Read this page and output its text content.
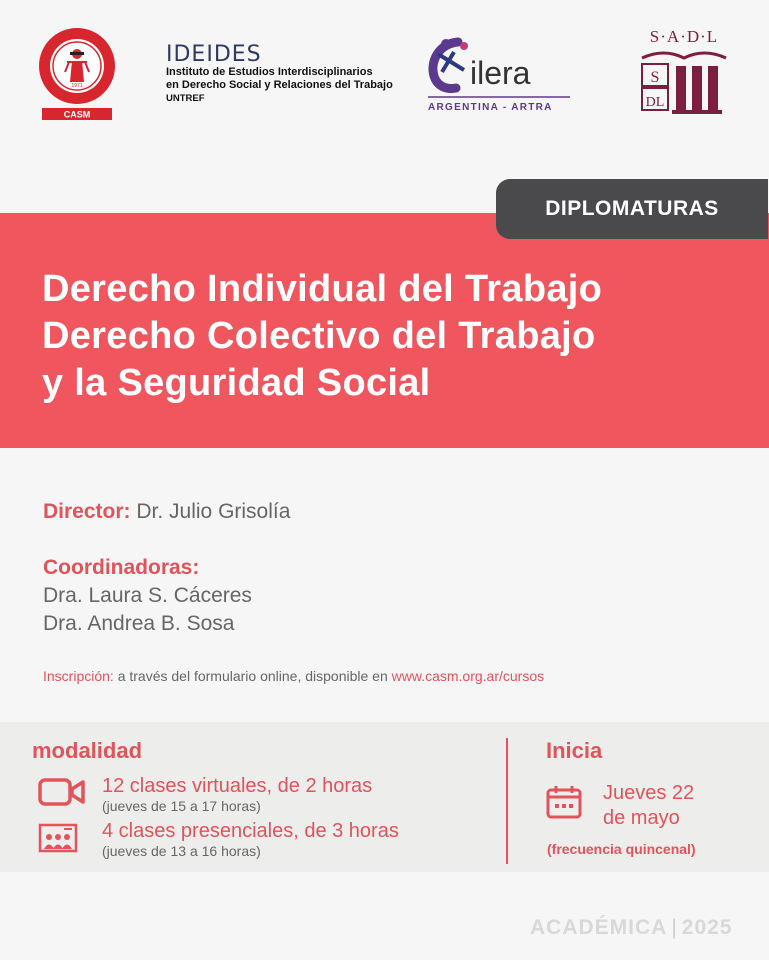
1971
CASM
IDEIDES
Instituto de Estudios Interdisciplinarios
en Derecho Social y Relaciones del Trabajo
UNTREF
ilera
ARGENTINA - ARTRA
S·A·D·L
S
DL
DIPLOMATURAS
Derecho Individual del Trabajo
Derecho Colectivo del Trabajo
y la Seguridad Social
Director: Dr. Julio Grisolía
Coordinadoras:
Dra. Laura S. Cáceres
Dra. Andrea B. Sosa
Inscripción: a través del formulario online, disponible en www.casm.org.ar/cursos
modalidad
12 clases virtuales, de 2 horas
(jueves de 15 a 17 horas)
4 clases presenciales, de 3 horas
(jueves de 13 a 16 horas)
Inicia
Jueves 22
de mayo
(frecuencia quincenal)
ACADÉMICA | 2025
